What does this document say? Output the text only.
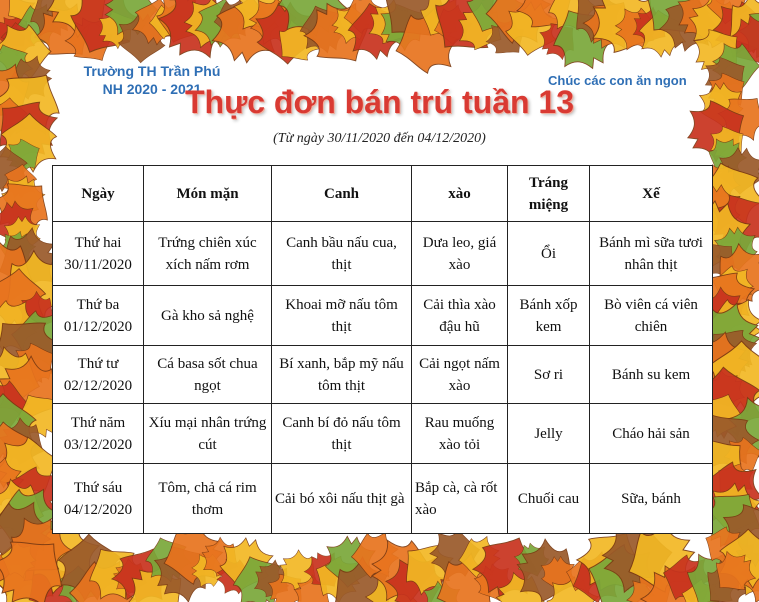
Trường TH Trần Phú
NH 2020 - 2021
Chúc các con ăn ngon
Thực đơn bán trú tuần 13
(Từ ngày 30/11/2020 đến 04/12/2020)
Ngày	Món mặn	Canh	xào	Tráng miệng	Xế

Thứ hai
30/11/2020	Trứng chiên xúc xích nấm rơm	Canh bầu nấu cua, thịt	Dưa leo, giá xào	Ổi	Bánh mì sữa tươi nhân thịt

Thứ ba
01/12/2020	Gà kho sả nghệ	Khoai mỡ nấu tôm thịt	Cải thìa xào đậu hũ	Bánh xốp kem	Bò viên cá viên chiên

Thứ tư
02/12/2020	Cá basa sốt chua ngọt	Bí xanh, bắp mỹ nấu tôm thịt	Cải ngọt nấm xào	Sơ ri	Bánh su kem

Thứ năm
03/12/2020	Xíu mại nhân trứng cút	Canh bí đỏ nấu tôm thịt	Rau muống xào tỏi	Jelly	Cháo hải sản

Thứ sáu
04/12/2020	Tôm, chả cá rim thơm	Cải bó xôi nấu thịt gà	Bắp cà, cà rốt xào	Chuối cau	Sữa, bánh
